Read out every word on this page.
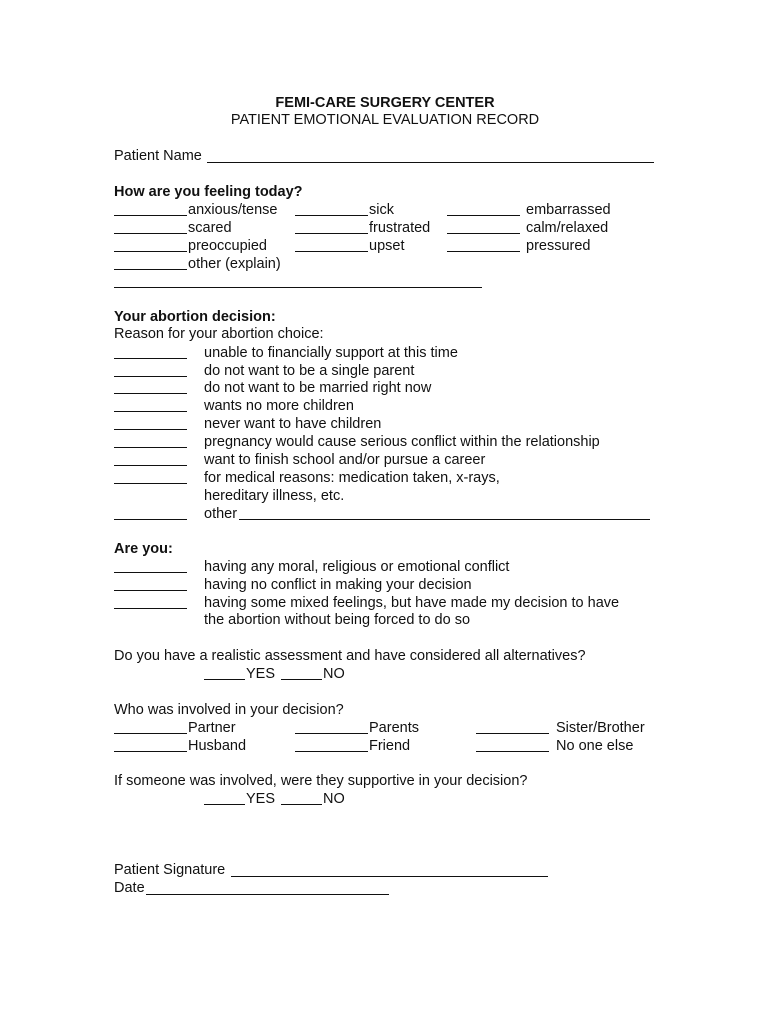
FEMI-CARE SURGERY CENTER
PATIENT EMOTIONAL EVALUATION RECORD
Patient Name
How are you feeling today?
anxious/tense	sick	embarrassed
scared	frustrated	calm/relaxed
preoccupied	upset	pressured
other (explain)
Your abortion decision:
Reason for your abortion choice:
unable to financially support at this time
do not want to be a single parent
do not want to be married right now
wants no more children
never want to have children
pregnancy would cause serious conflict within the relationship
want to finish school and/or pursue a career
for medical reasons: medication taken, x-rays,
hereditary illness, etc.
other
Are you:
having any moral, religious or emotional conflict
having no conflict in making your decision
having some mixed feelings, but have made my decision to have
the abortion without being forced to do so
Do you have a realistic assessment and have considered all alternatives?
YES	NO
Who was involved in your decision?
Partner	Parents	Sister/Brother
Husband	Friend	No one else
If someone was involved, were they supportive in your decision?
YES	NO
Patient Signature
Date
